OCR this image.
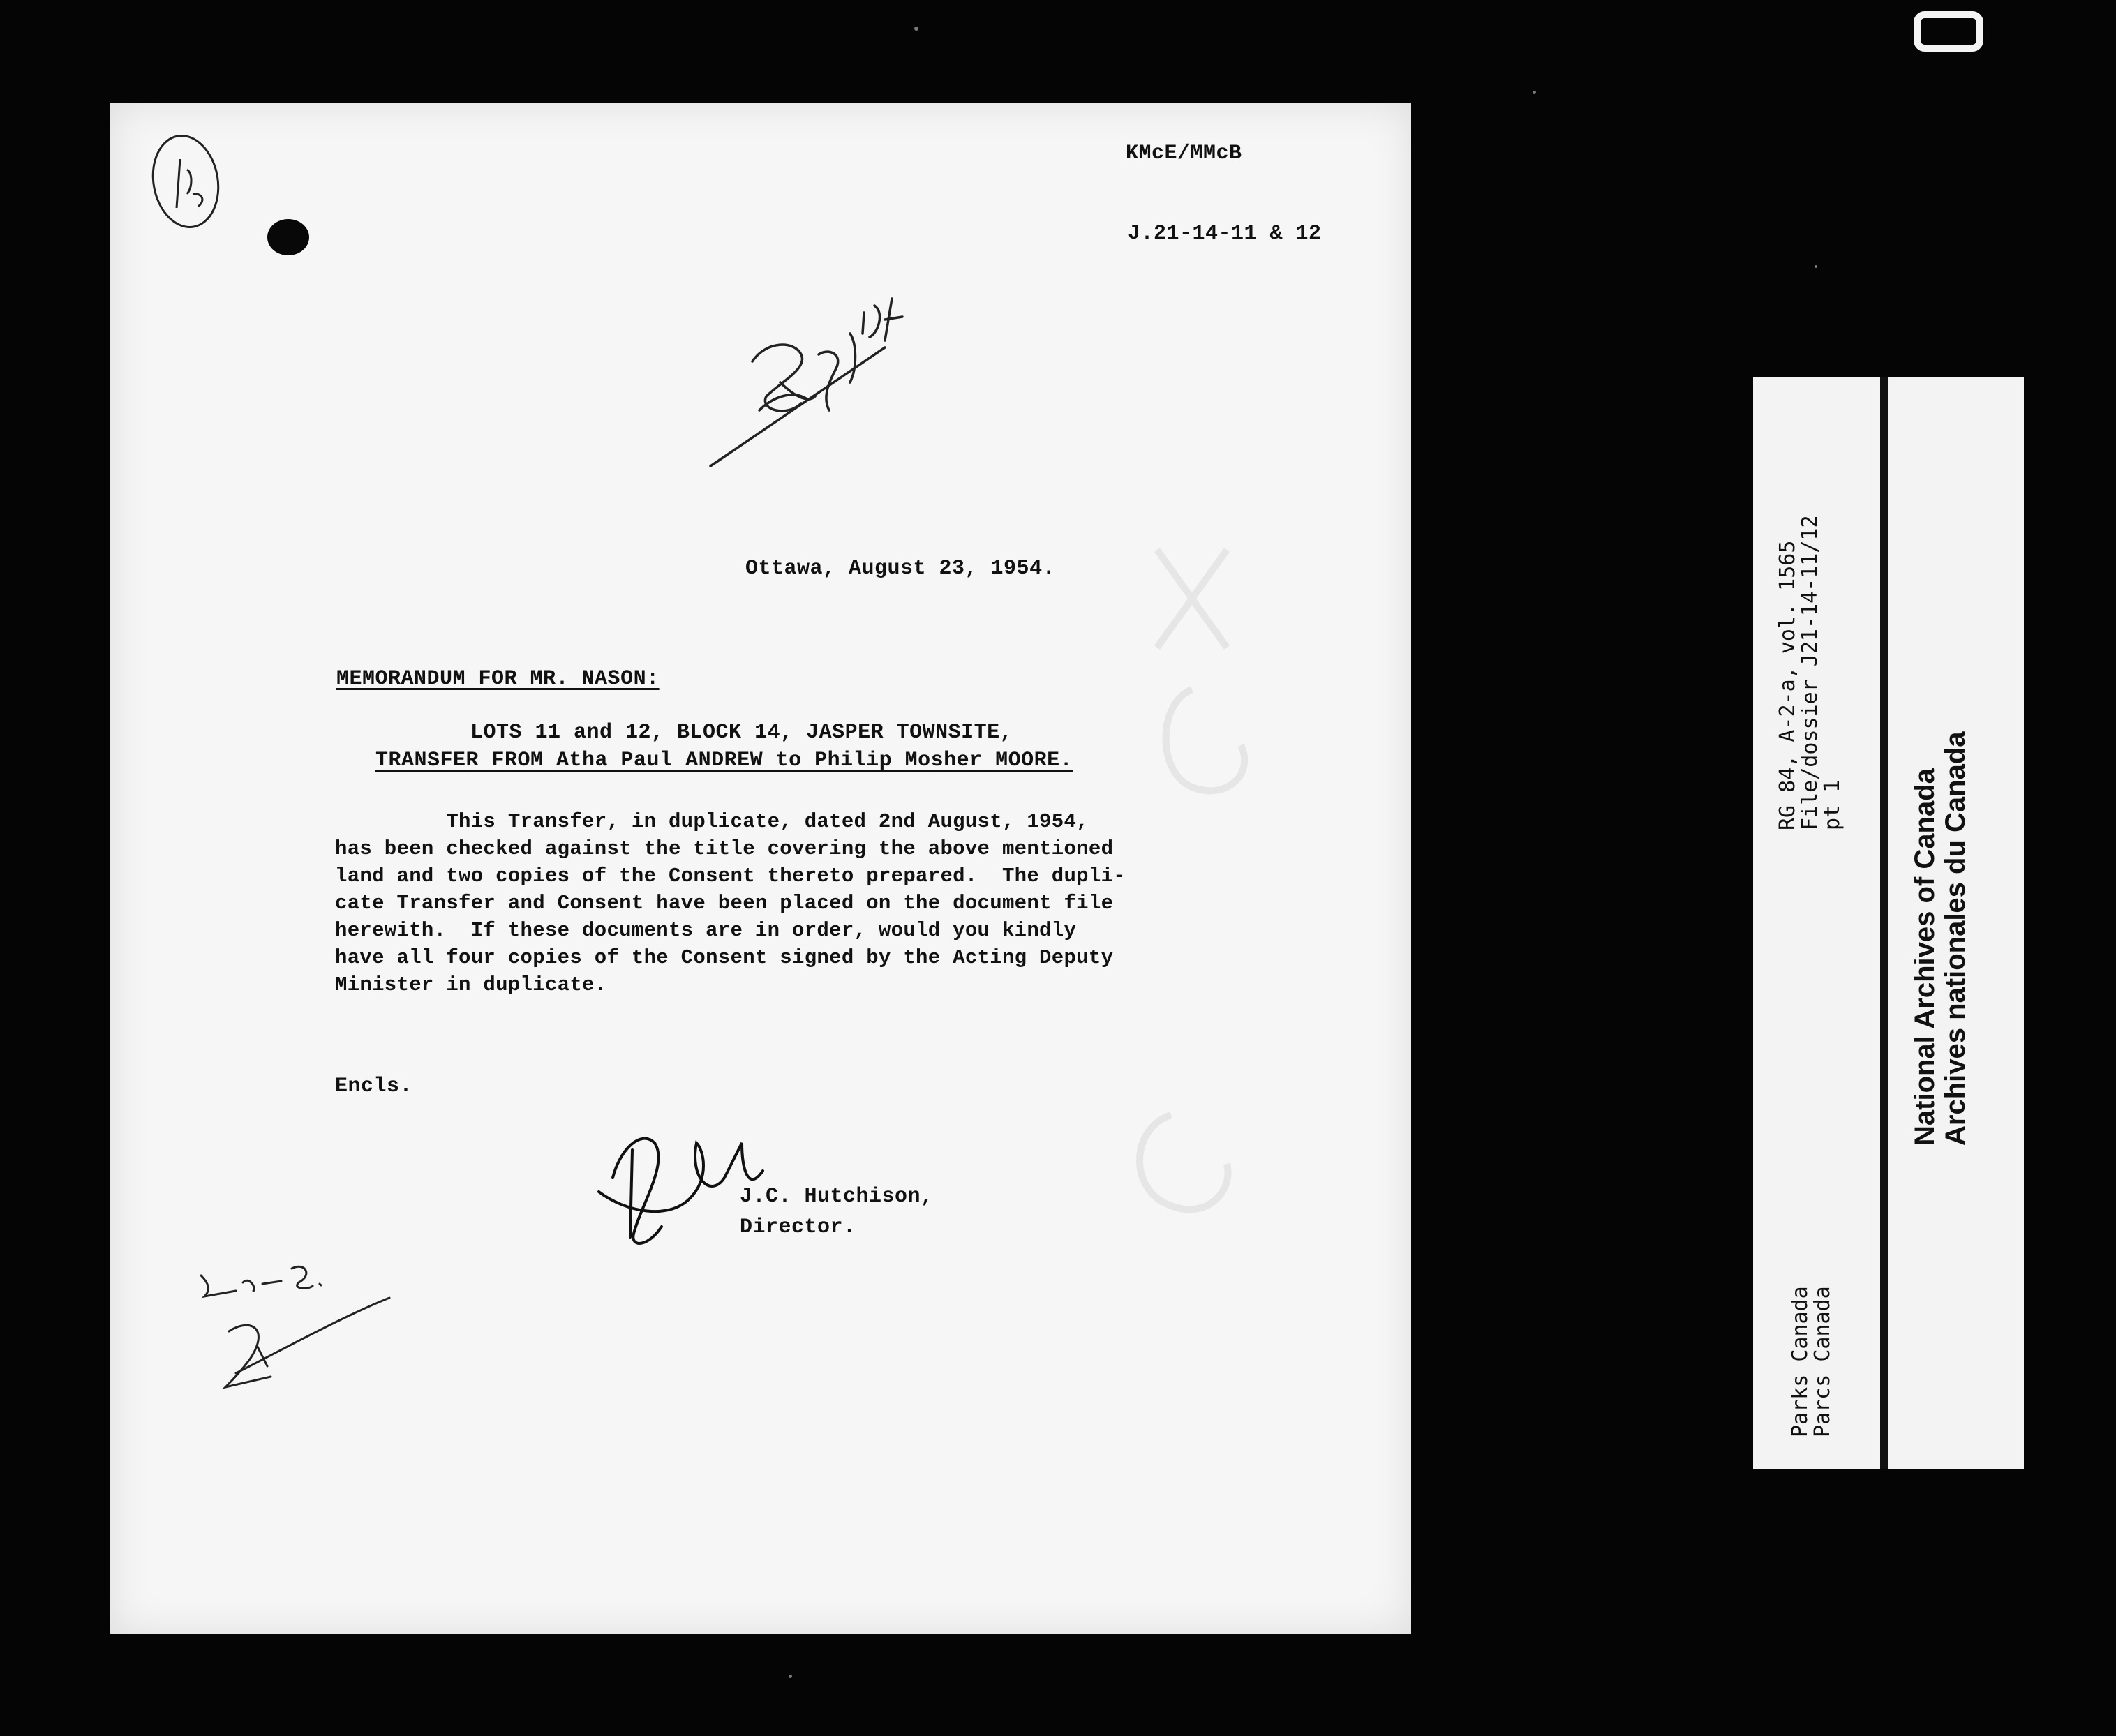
KMcE/MMcB
J.21-14-11 & 12
Ottawa, August 23, 1954.
MEMORANDUM FOR MR. NASON:
LOTS 11 and 12, BLOCK 14, JASPER TOWNSITE,
TRANSFER FROM Atha Paul ANDREW to Philip Mosher MOORE.

This Transfer, in duplicate, dated 2nd August, 1954,

has been checked against the title covering the above mentioned

land and two copies of the Consent thereto prepared.  The dupli-

cate Transfer and Consent have been placed on the document file

herewith.  If these documents are in order, would you kindly

have all four copies of the Consent signed by the Acting Deputy

Minister in duplicate.

Encls.
J.C. Hutchison,
Director.
RG 84, A-2-a, vol. 1565
File/dossier J21-14-11/12
pt 1
Parks Canada
Parcs Canada
National Archives of Canada Archives nationales du Canada
